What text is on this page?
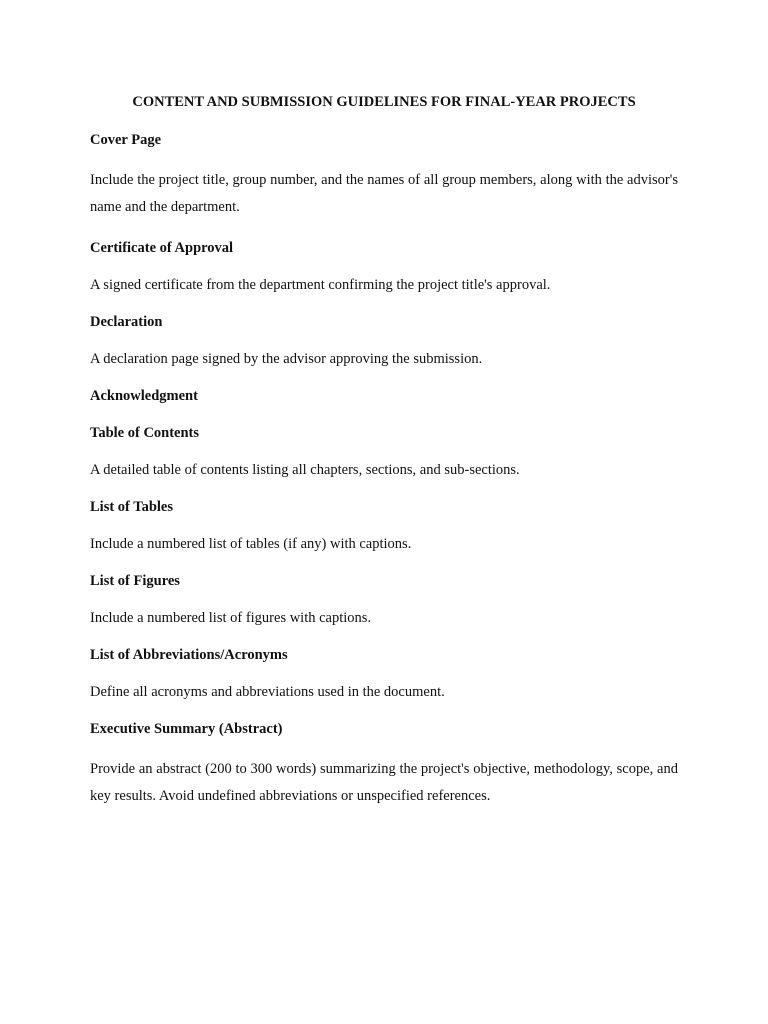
CONTENT AND SUBMISSION GUIDELINES FOR FINAL-YEAR PROJECTS

Cover Page

Include the project title, group number, and the names of all group members, along with the advisor's name and the department.

Certificate of Approval

A signed certificate from the department confirming the project title's approval.

Declaration

A declaration page signed by the advisor approving the submission.

Acknowledgment

Table of Contents

A detailed table of contents listing all chapters, sections, and sub-sections.

List of Tables

Include a numbered list of tables (if any) with captions.

List of Figures

Include a numbered list of figures with captions.

List of Abbreviations/Acronyms

Define all acronyms and abbreviations used in the document.

Executive Summary (Abstract)

Provide an abstract (200 to 300 words) summarizing the project's objective, methodology, scope, and key results. Avoid undefined abbreviations or unspecified references.
